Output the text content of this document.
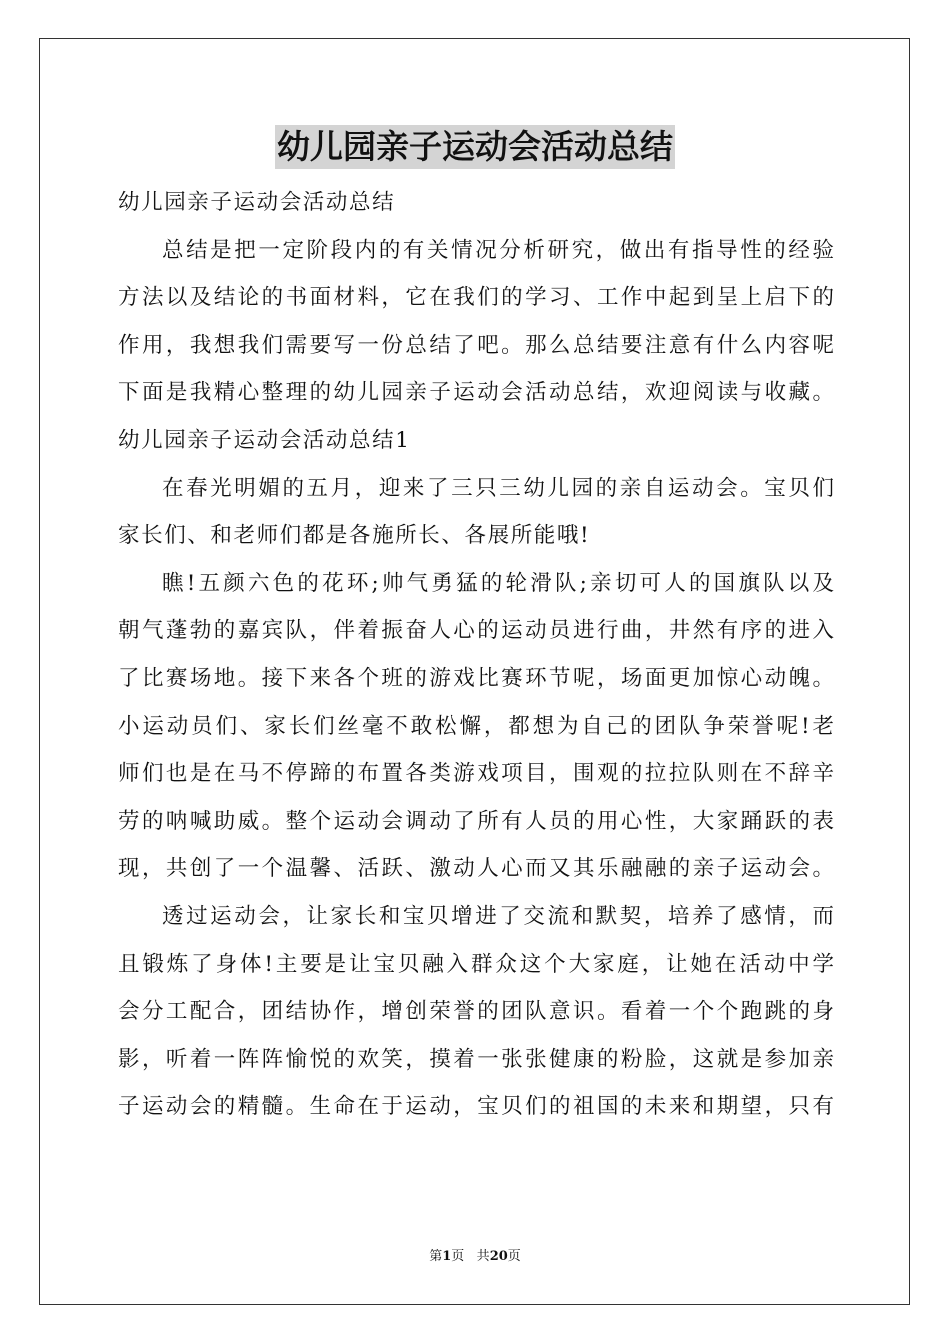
幼儿园亲子运动会活动总结
幼儿园亲子运动会活动总结
总结是把一定阶段内的有关情况分析研究，做出有指导性的经验
方法以及结论的书面材料，它在我们的学习、工作中起到呈上启下的
作用，我想我们需要写一份总结了吧。那么总结要注意有什么内容呢
下面是我精心整理的幼儿园亲子运动会活动总结，欢迎阅读与收藏。
幼儿园亲子运动会活动总结1
在春光明媚的五月，迎来了三只三幼儿园的亲自运动会。宝贝们
家长们、和老师们都是各施所长、各展所能哦!
瞧!五颜六色的花环;帅气勇猛的轮滑队;亲切可人的国旗队以及
朝气蓬勃的嘉宾队，伴着振奋人心的运动员进行曲，井然有序的进入
了比赛场地。接下来各个班的游戏比赛环节呢，场面更加惊心动魄。
小运动员们、家长们丝毫不敢松懈，都想为自己的团队争荣誉呢!老
师们也是在马不停蹄的布置各类游戏项目，围观的拉拉队则在不辞辛
劳的呐喊助威。整个运动会调动了所有人员的用心性，大家踊跃的表
现，共创了一个温馨、活跃、激动人心而又其乐融融的亲子运动会。
透过运动会，让家长和宝贝增进了交流和默契，培养了感情，而
且锻炼了身体!主要是让宝贝融入群众这个大家庭，让她在活动中学
会分工配合，团结协作，增创荣誉的团队意识。看着一个个跑跳的身
影，听着一阵阵愉悦的欢笑，摸着一张张健康的粉脸，这就是参加亲
子运动会的精髓。生命在于运动，宝贝们的祖国的未来和期望，只有
第1页 共20页
